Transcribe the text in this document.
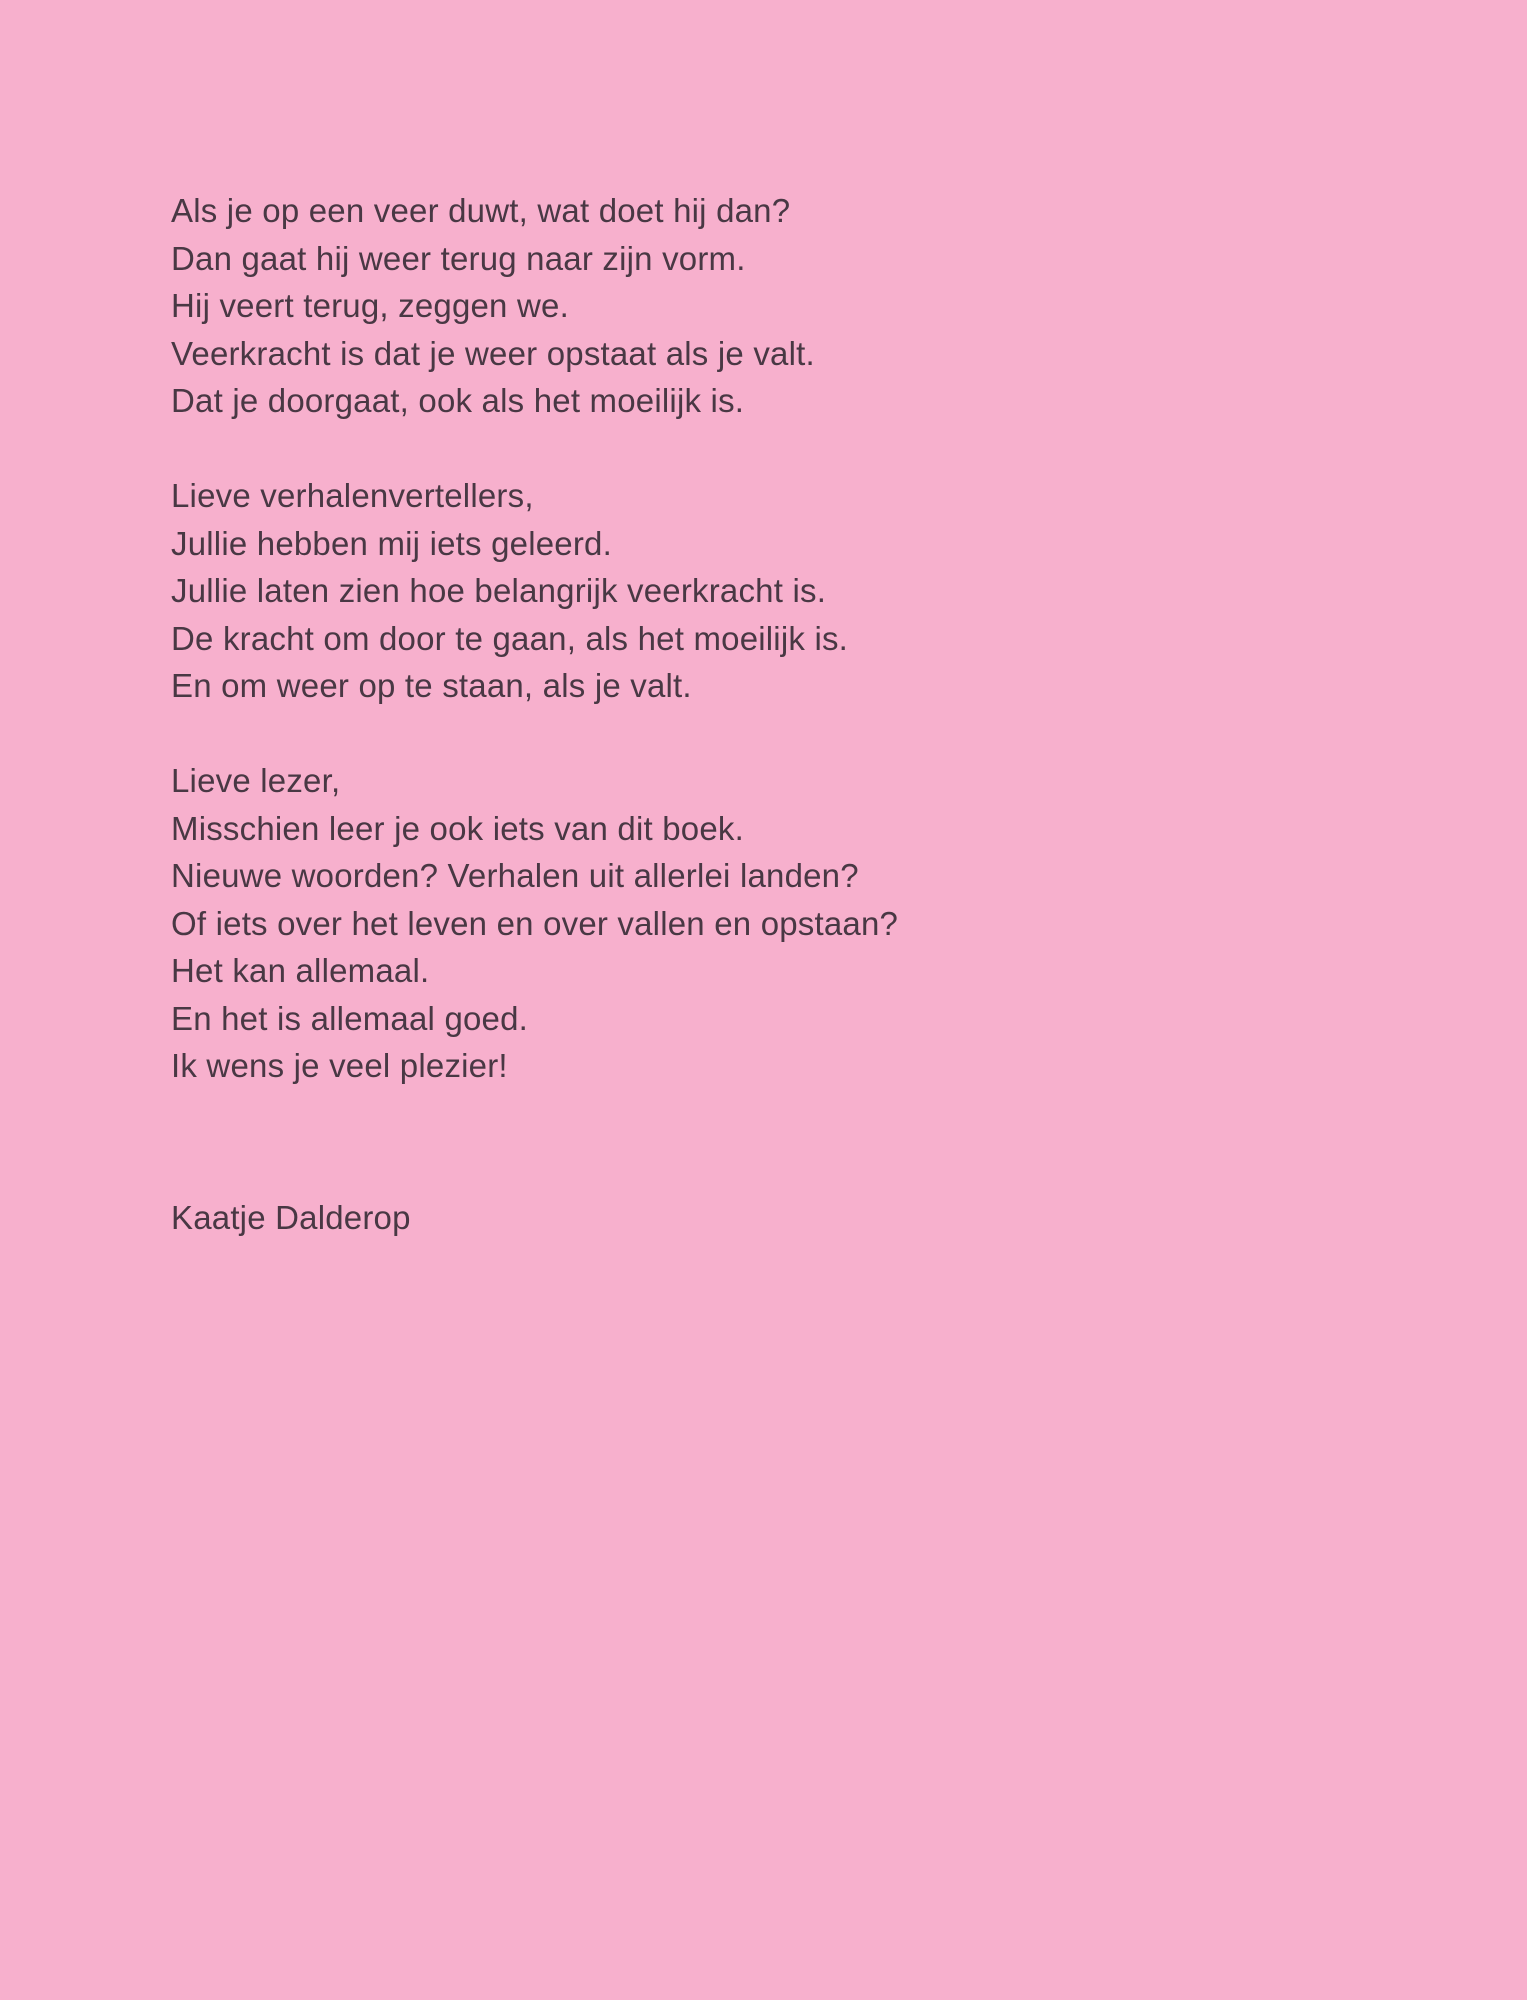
Als je op een veer duwt, wat doet hij dan?
Dan gaat hij weer terug naar zijn vorm.
Hij veert terug, zeggen we.
Veerkracht is dat je weer opstaat als je valt.
Dat je doorgaat, ook als het moeilijk is.
Lieve verhalenvertellers,
Jullie hebben mij iets geleerd.
Jullie laten zien hoe belangrijk veerkracht is.
De kracht om door te gaan, als het moeilijk is.
En om weer op te staan, als je valt.
Lieve lezer,
Misschien leer je ook iets van dit boek.
Nieuwe woorden? Verhalen uit allerlei landen?
Of iets over het leven en over vallen en opstaan?
Het kan allemaal.
En het is allemaal goed.
Ik wens je veel plezier!
Kaatje Dalderop
